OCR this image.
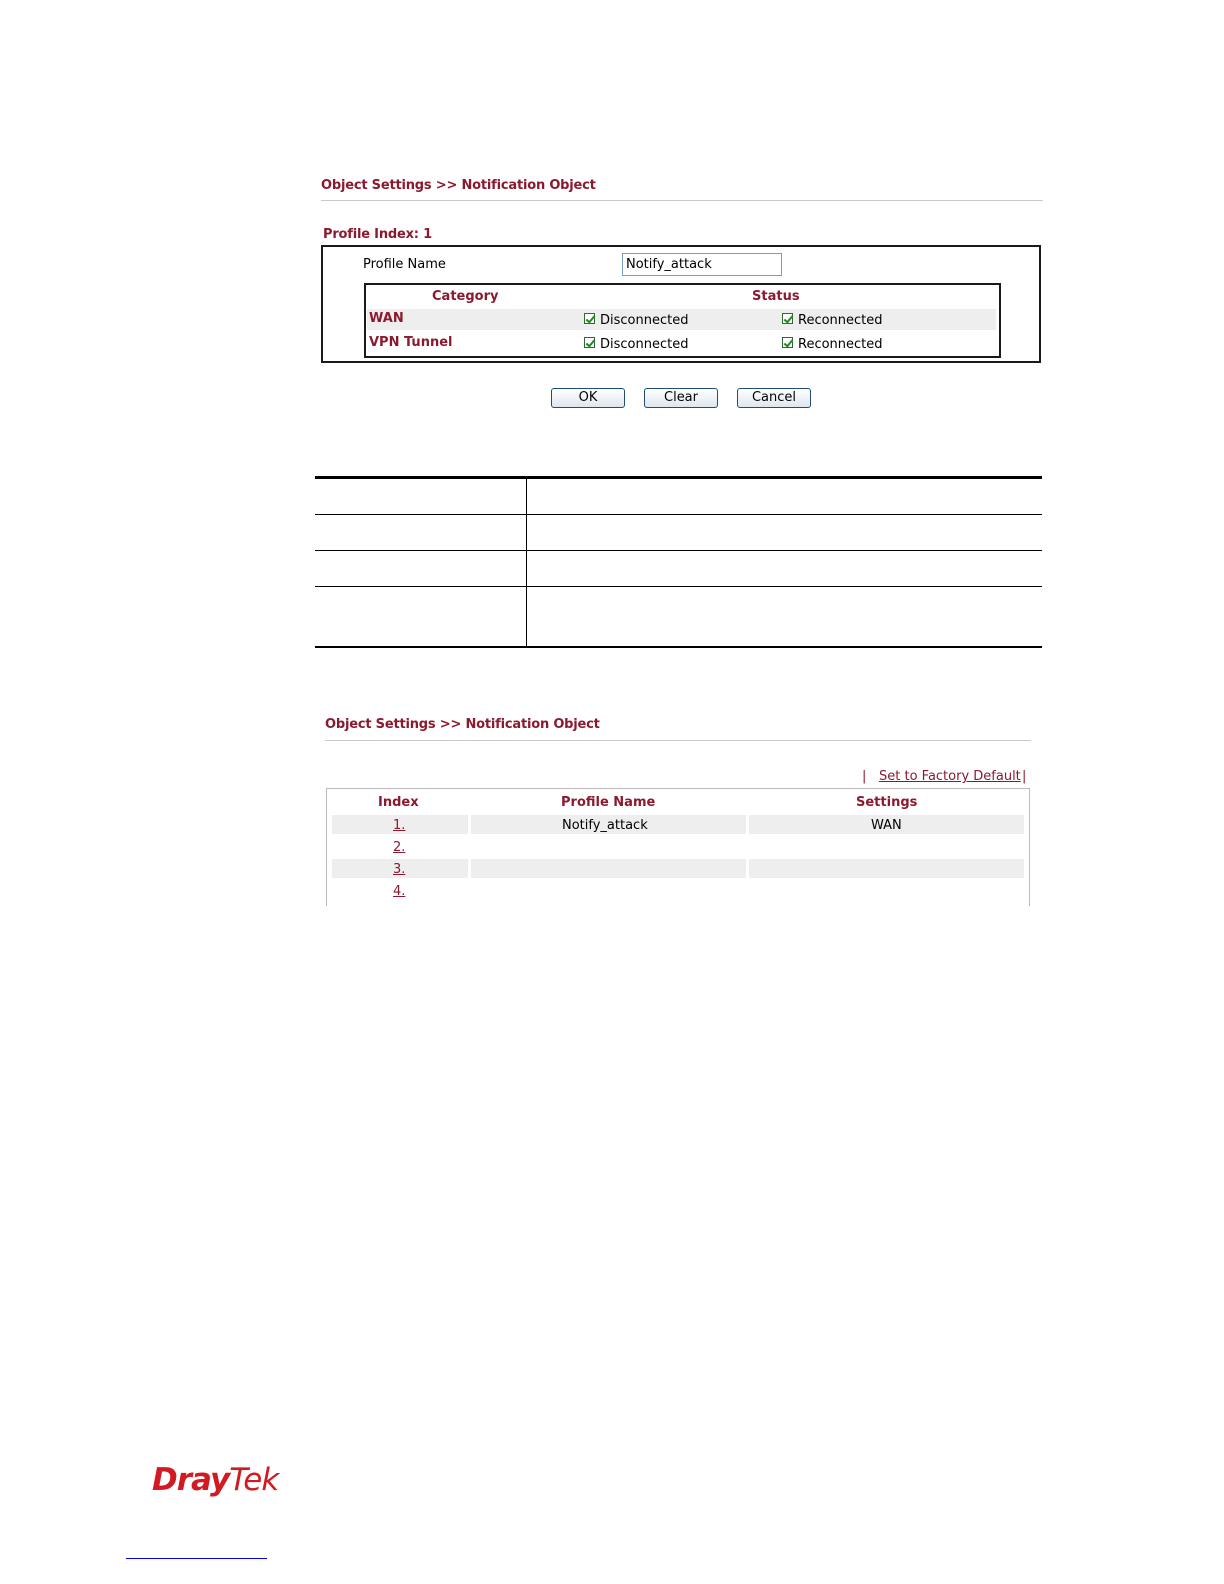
Object Settings >> Notification Object
Profile Index: 1
Profile Name
Notify_attack
Category	Status
WAN	Disconnected	Reconnected
VPN Tunnel	Disconnected	Reconnected
OK	Clear	Cancel
Object Settings >> Notification Object
| Set to Factory Default |
Index	Profile Name	Settings
1.	Notify_attack	WAN
2.
3.
4.
DrayTek
